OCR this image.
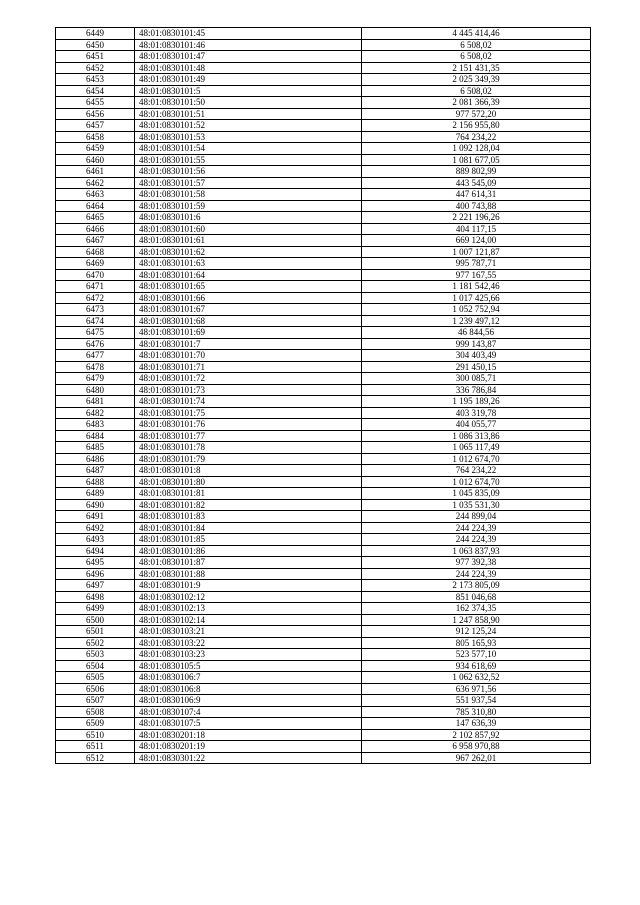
6449	48:01:0830101:45	4 445 414,46
6450	48:01:0830101:46	6 508,02
6451	48:01:0830101:47	6 508,02
6452	48:01:0830101:48	2 151 431,35
6453	48:01:0830101:49	2 025 349,39
6454	48:01:0830101:5	6 508,02
6455	48:01:0830101:50	2 081 366,39
6456	48:01:0830101:51	977 572,20
6457	48:01:0830101:52	2 156 955,80
6458	48:01:0830101:53	764 234,22
6459	48:01:0830101:54	1 092 128,04
6460	48:01:0830101:55	1 081 677,05
6461	48:01:0830101:56	889 802,99
6462	48:01:0830101:57	443 545,09
6463	48:01:0830101:58	447 614,31
6464	48:01:0830101:59	400 743,88
6465	48:01:0830101:6	2 221 196,26
6466	48:01:0830101:60	404 117,15
6467	48:01:0830101:61	669 124,00
6468	48:01:0830101:62	1 007 121,87
6469	48:01:0830101:63	995 787,71
6470	48:01:0830101:64	977 167,55
6471	48:01:0830101:65	1 181 542,46
6472	48:01:0830101:66	1 017 425,66
6473	48:01:0830101:67	1 052 752,94
6474	48:01:0830101:68	1 239 497,12
6475	48:01:0830101:69	46 844,56
6476	48:01:0830101:7	999 143,87
6477	48:01:0830101:70	304 403,49
6478	48:01:0830101:71	291 450,15
6479	48:01:0830101:72	300 085,71
6480	48:01:0830101:73	336 786,84
6481	48:01:0830101:74	1 195 189,26
6482	48:01:0830101:75	403 319,78
6483	48:01:0830101:76	404 055,77
6484	48:01:0830101:77	1 086 313,86
6485	48:01:0830101:78	1 065 117,49
6486	48:01:0830101:79	1 012 674,70
6487	48:01:0830101:8	764 234,22
6488	48:01:0830101:80	1 012 674,70
6489	48:01:0830101:81	1 045 835,09
6490	48:01:0830101:82	1 035 531,30
6491	48:01:0830101:83	244 899,04
6492	48:01:0830101:84	244 224,39
6493	48:01:0830101:85	244 224,39
6494	48:01:0830101:86	1 063 837,93
6495	48:01:0830101:87	977 392,38
6496	48:01:0830101:88	244 224,39
6497	48:01:0830101:9	2 173 805,09
6498	48:01:0830102:12	851 046,68
6499	48:01:0830102:13	162 374,35
6500	48:01:0830102:14	1 247 858,90
6501	48:01:0830103:21	912 125,24
6502	48:01:0830103:22	805 165,93
6503	48:01:0830103:23	523 577,10
6504	48:01:0830105:5	934 618,69
6505	48:01:0830106:7	1 062 632,52
6506	48:01:0830106:8	636 971,56
6507	48:01:0830106:9	551 937,54
6508	48:01:0830107:4	785 310,80
6509	48:01:0830107:5	147 636,39
6510	48:01:0830201:18	2 102 857,92
6511	48:01:0830201:19	6 958 970,88
6512	48:01:0830301:22	967 262,01
